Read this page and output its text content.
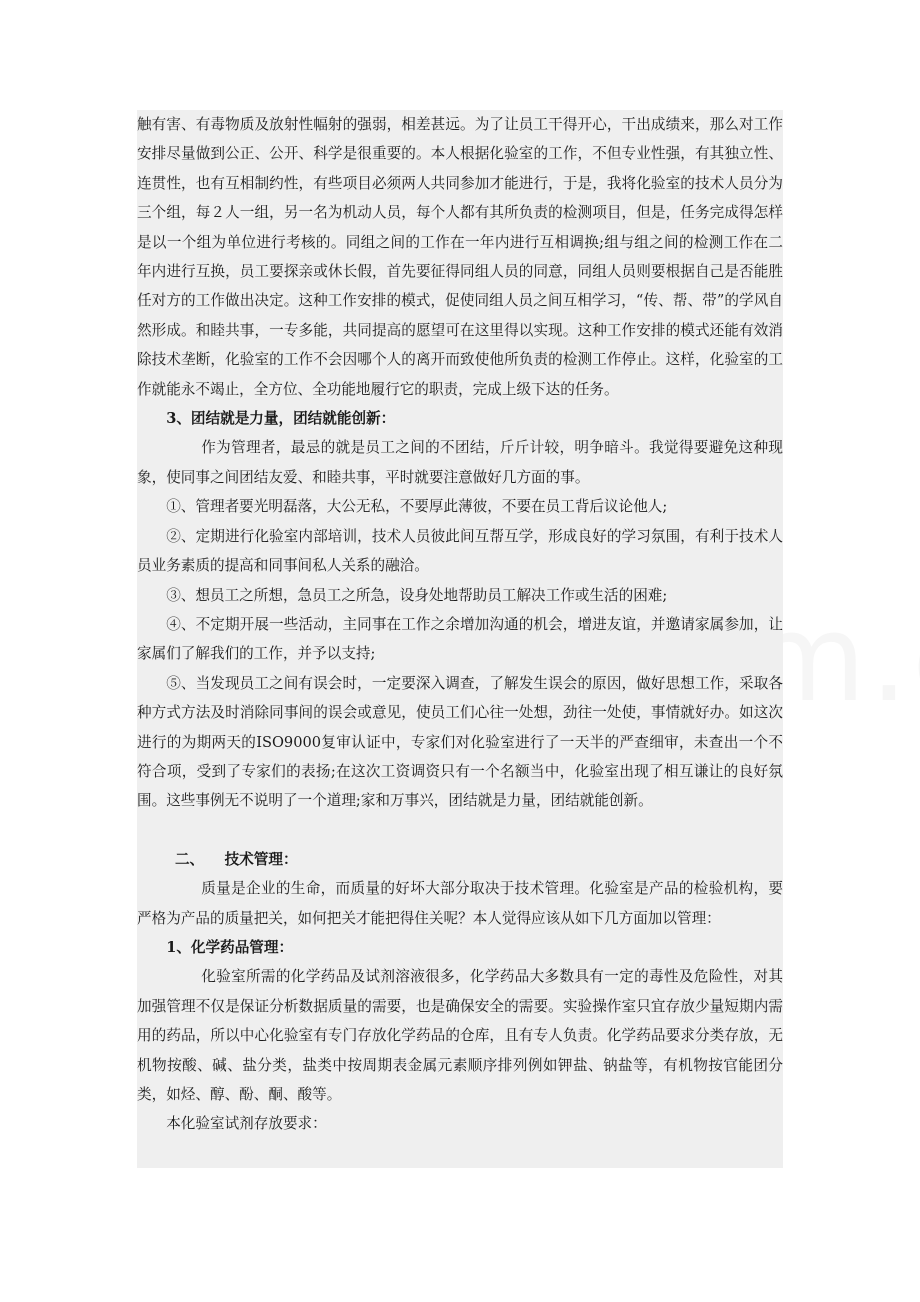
触有害、有毒物质及放射性幅射的强弱，相差甚远。为了让员工干得开心，干出成绩来，那么对工作安排尽量做到公正、公开、科学是很重要的。本人根据化验室的工作，不但专业性强，有其独立性、连贯性，也有互相制约性，有些项目必须两人共同参加才能进行，于是，我将化验室的技术人员分为三个组，每２人一组，另一名为机动人员，每个人都有其所负责的检测项目，但是，任务完成得怎样是以一个组为单位进行考核的。同组之间的工作在一年内进行互相调换;组与组之间的检测工作在二年内进行互换，员工要探亲或休长假，首先要征得同组人员的同意，同组人员则要根据自己是否能胜任对方的工作做出决定。这种工作安排的模式，促使同组人员之间互相学习，“传、帮、带”的学风自然形成。和睦共事，一专多能，共同提高的愿望可在这里得以实现。这种工作安排的模式还能有效消除技术垄断，化验室的工作不会因哪个人的离开而致使他所负责的检测工作停止。这样，化验室的工作就能永不竭止，全方位、全功能地履行它的职责，完成上级下达的任务。

3、团结就是力量，团结就能创新：

作为管理者，最忌的就是员工之间的不团结，斤斤计较，明争暗斗。我觉得要避免这种现象，使同事之间团结友爱、和睦共事，平时就要注意做好几方面的事。

①、管理者要光明磊落，大公无私，不要厚此薄彼，不要在员工背后议论他人;

②、定期进行化验室内部培训，技术人员彼此间互帮互学，形成良好的学习氛围，有利于技术人员业务素质的提高和同事间私人关系的融洽。

③、想员工之所想，急员工之所急，设身处地帮助员工解决工作或生活的困难;

④、不定期开展一些活动，主同事在工作之余增加沟通的机会，增进友谊，并邀请家属参加，让家属们了解我们的工作，并予以支持;

⑤、当发现员工之间有误会时，一定要深入调查，了解发生误会的原因，做好思想工作，采取各种方式方法及时消除同事间的误会或意见，使员工们心往一处想，劲往一处使，事情就好办。如这次进行的为期两天的ISO9000复审认证中，专家们对化验室进行了一天半的严查细审，未查出一个不符合项，受到了专家们的表扬;在这次工资调资只有一个名额当中，化验室出现了相互谦让的良好氛围。这些事例无不说明了一个道理;家和万事兴，团结就是力量，团结就能创新。

二、 技术管理：

质量是企业的生命，而质量的好坏大部分取决于技术管理。化验室是产品的检验机构，要严格为产品的质量把关，如何把关才能把得住关呢？本人觉得应该从如下几方面加以管理：

1、化学药品管理：

化验室所需的化学药品及试剂溶液很多，化学药品大多数具有一定的毒性及危险性，对其加强管理不仅是保证分析数据质量的需要，也是确保安全的需要。实验操作室只宜存放少量短期内需用的药品，所以中心化验室有专门存放化学药品的仓库，且有专人负责。化学药品要求分类存放，无机物按酸、碱、盐分类，盐类中按周期表金属元素顺序排列例如钾盐、钠盐等，有机物按官能团分类，如烃、醇、酚、酮、酸等。

本化验室试剂存放要求：
